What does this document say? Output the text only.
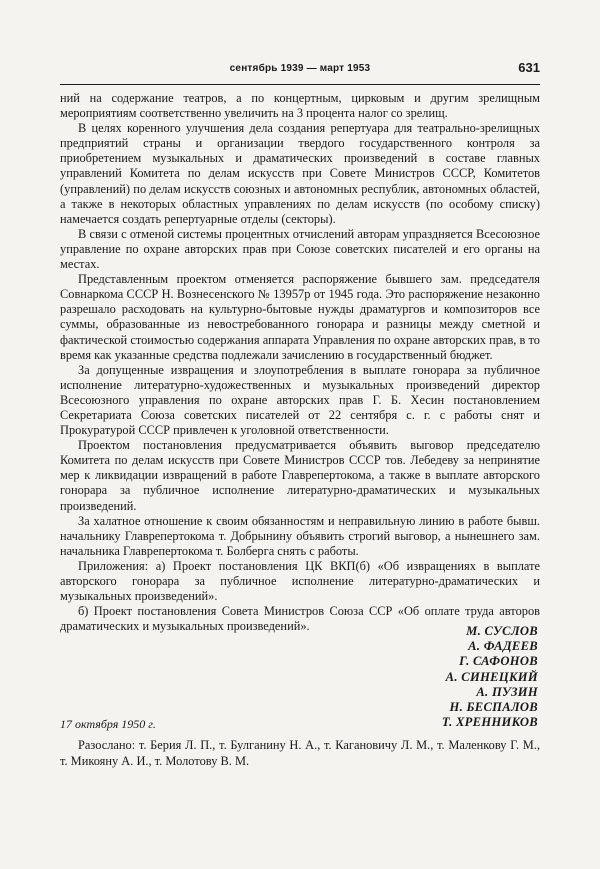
сентябрь 1939 — март 1953	631

ний на содержание театров, а по концертным, цирковым и другим зрелищным мероприятиям соответственно увеличить на 3 процента налог со зрелищ.

В целях коренного улучшения дела создания репертуара для театрально-зрелищных предприятий страны и организации твердого государственного контроля за приобретением музыкальных и драматических произведений в составе главных управлений Комитета по делам искусств при Совете Министров СССР, Комитетов (управлений) по делам искусств союзных и автономных республик, автономных областей, а также в некоторых областных управлениях по делам искусств (по особому списку) намечается создать репертуарные отделы (секторы).

В связи с отменой системы процентных отчислений авторам упраздняется Всесоюзное управление по охране авторских прав при Союзе советских писателей и его органы на местах.

Представленным проектом отменяется распоряжение бывшего зам. председателя Совнаркома СССР Н. Вознесенского № 13957р от 1945 года. Это распоряжение незаконно разрешало расходовать на культурно-бытовые нужды драматургов и композиторов все суммы, образованные из невостребованного гонорара и разницы между сметной и фактической стоимостью содержания аппарата Управления по охране авторских прав, в то время как указанные средства подлежали зачислению в государственный бюджет.

За допущенные извращения и злоупотребления в выплате гонорара за публичное исполнение литературно-художественных и музыкальных произведений директор Всесоюзного управления по охране авторских прав Г. Б. Хесин постановлением Секретариата Союза советских писателей от 22 сентября с. г. с работы снят и Прокуратурой СССР привлечен к уголовной ответственности.

Проектом постановления предусматривается объявить выговор председателю Комитета по делам искусств при Совете Министров СССР тов. Лебедеву за непринятие мер к ликвидации извращений в работе Главрепертокома, а также в выплате авторского гонорара за публичное исполнение литературно-драматических и музыкальных произведений.

За халатное отношение к своим обязанностям и неправильную линию в работе бывш. начальнику Главрепертокома т. Добрынину объявить строгий выговор, а нынешнего зам. начальника Главрепертокома т. Болберга снять с работы.

Приложения: а) Проект постановления ЦК ВКП(б) «Об извращениях в выплате авторского гонорара за публичное исполнение литературно-драматических и музыкальных произведений».

б) Проект постановления Совета Министров Союза ССР «Об оплате труда авторов драматических и музыкальных произведений».	М. СУСЛОВ
А. ФАДЕЕВ
Г. САФОНОВ
А. СИНЕЦКИЙ
А. ПУЗИН
Н. БЕСПАЛОВ
Т. ХРЕННИКОВ
17 октября 1950 г.

Разослано: т. Берия Л. П., т. Булганину Н. А., т. Кагановичу Л. М., т. Маленкову Г. М., т. Микояну А. И., т. Молотову В. М.
